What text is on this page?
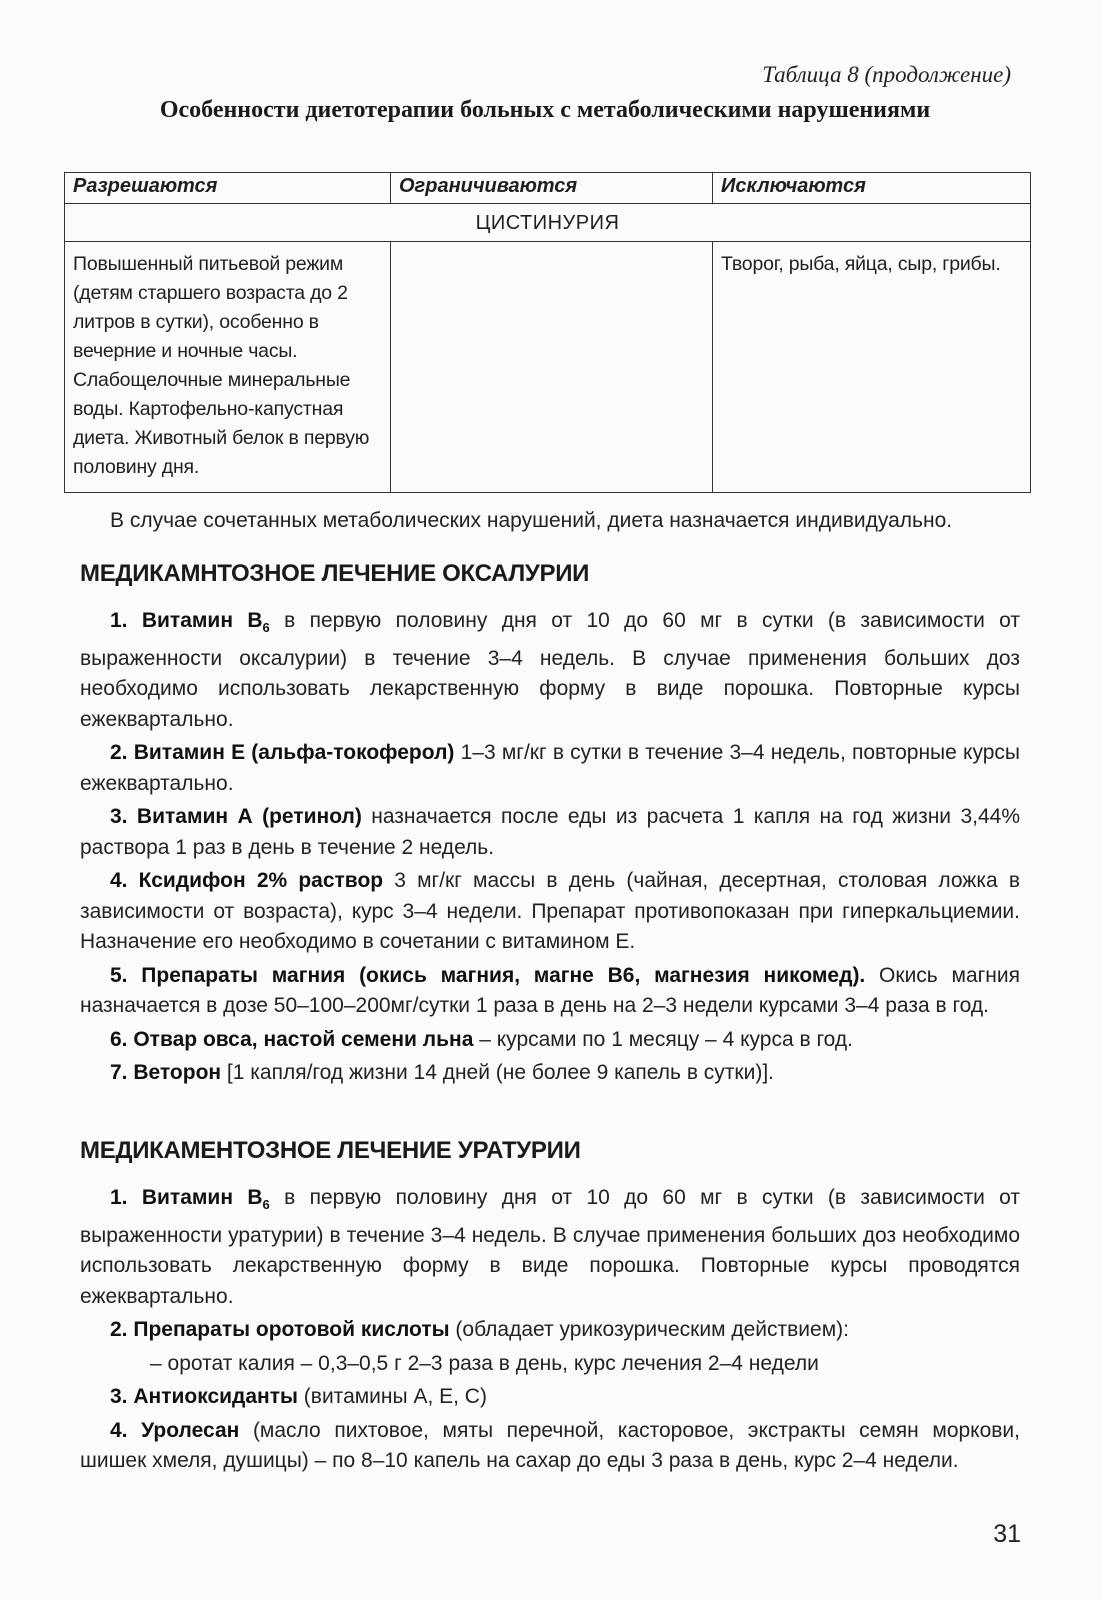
Таблица 8 (продолжение)
Особенности диетотерапии больных с метаболическими нарушениями
Разрешаются	Ограничиваются	Исключаются
ЦИСТИНУРИЯ		
Повышенный питьевой режим (детям старшего возраста до 2 литров в сутки), особенно в вечерние и ночные часы. Слабощелочные минеральные воды. Картофельно-капустная диета. Животный белок в первую половину дня.		Творог, рыба, яйца, сыр, грибы.

В случае сочетанных метаболических нарушений, диета назначается индивидуально.

МЕДИКАМНТОЗНОЕ ЛЕЧЕНИЕ ОКСАЛУРИИ

1. Витамин $B_6$ в первую половину дня от 10 до 60 мг в сутки (в зависимости от выраженности оксалурии) в течение 3–4 недель. В случае применения больших доз необходимо использовать лекарственную форму в виде порошка. Повторные курсы ежеквартально.

2. Витамин Е (альфа-токоферол) 1–3 мг/кг в сутки в течение 3–4 недель, повторные курсы ежеквартально.

3. Витамин А (ретинол) назначается после еды из расчета 1 капля на год жизни 3,44% раствора 1 раз в день в течение 2 недель.

4. Ксидифон 2% раствор 3 мг/кг массы в день (чайная, десертная, столовая ложка в зависимости от возраста), курс 3–4 недели. Препарат противопоказан при гиперкальциемии. Назначение его необходимо в сочетании с витамином Е.

5. Препараты магния (окись магния, магне В6, магнезия никомед). Окись магния назначается в дозе 50–100–200мг/сутки 1 раза в день на 2–3 недели курсами 3–4 раза в год.

6. Отвар овса, настой семени льна – курсами по 1 месяцу – 4 курса в год.

7. Веторон [1 капля/год жизни 14 дней (не более 9 капель в сутки)].

МЕДИКАМЕНТОЗНОЕ ЛЕЧЕНИЕ УРАТУРИИ

1. Витамин $B_6$ в первую половину дня от 10 до 60 мг в сутки (в зависимости от выраженности уратурии) в течение 3–4 недель. В случае применения больших доз необходимо использовать лекарственную форму в виде порошка. Повторные курсы проводятся ежеквартально.

2. Препараты оротовой кислоты (обладает урикозурическим действием):

– оротат калия – 0,3–0,5 г 2–3 раза в день, курс лечения 2–4 недели

3. Антиоксиданты (витамины А, Е, С)

4. Уролесан (масло пихтовое, мяты перечной, касторовое, экстракты семян моркови, шишек хмеля, душицы) – по 8–10 капель на сахар до еды 3 раза в день, курс 2–4 недели.

31
